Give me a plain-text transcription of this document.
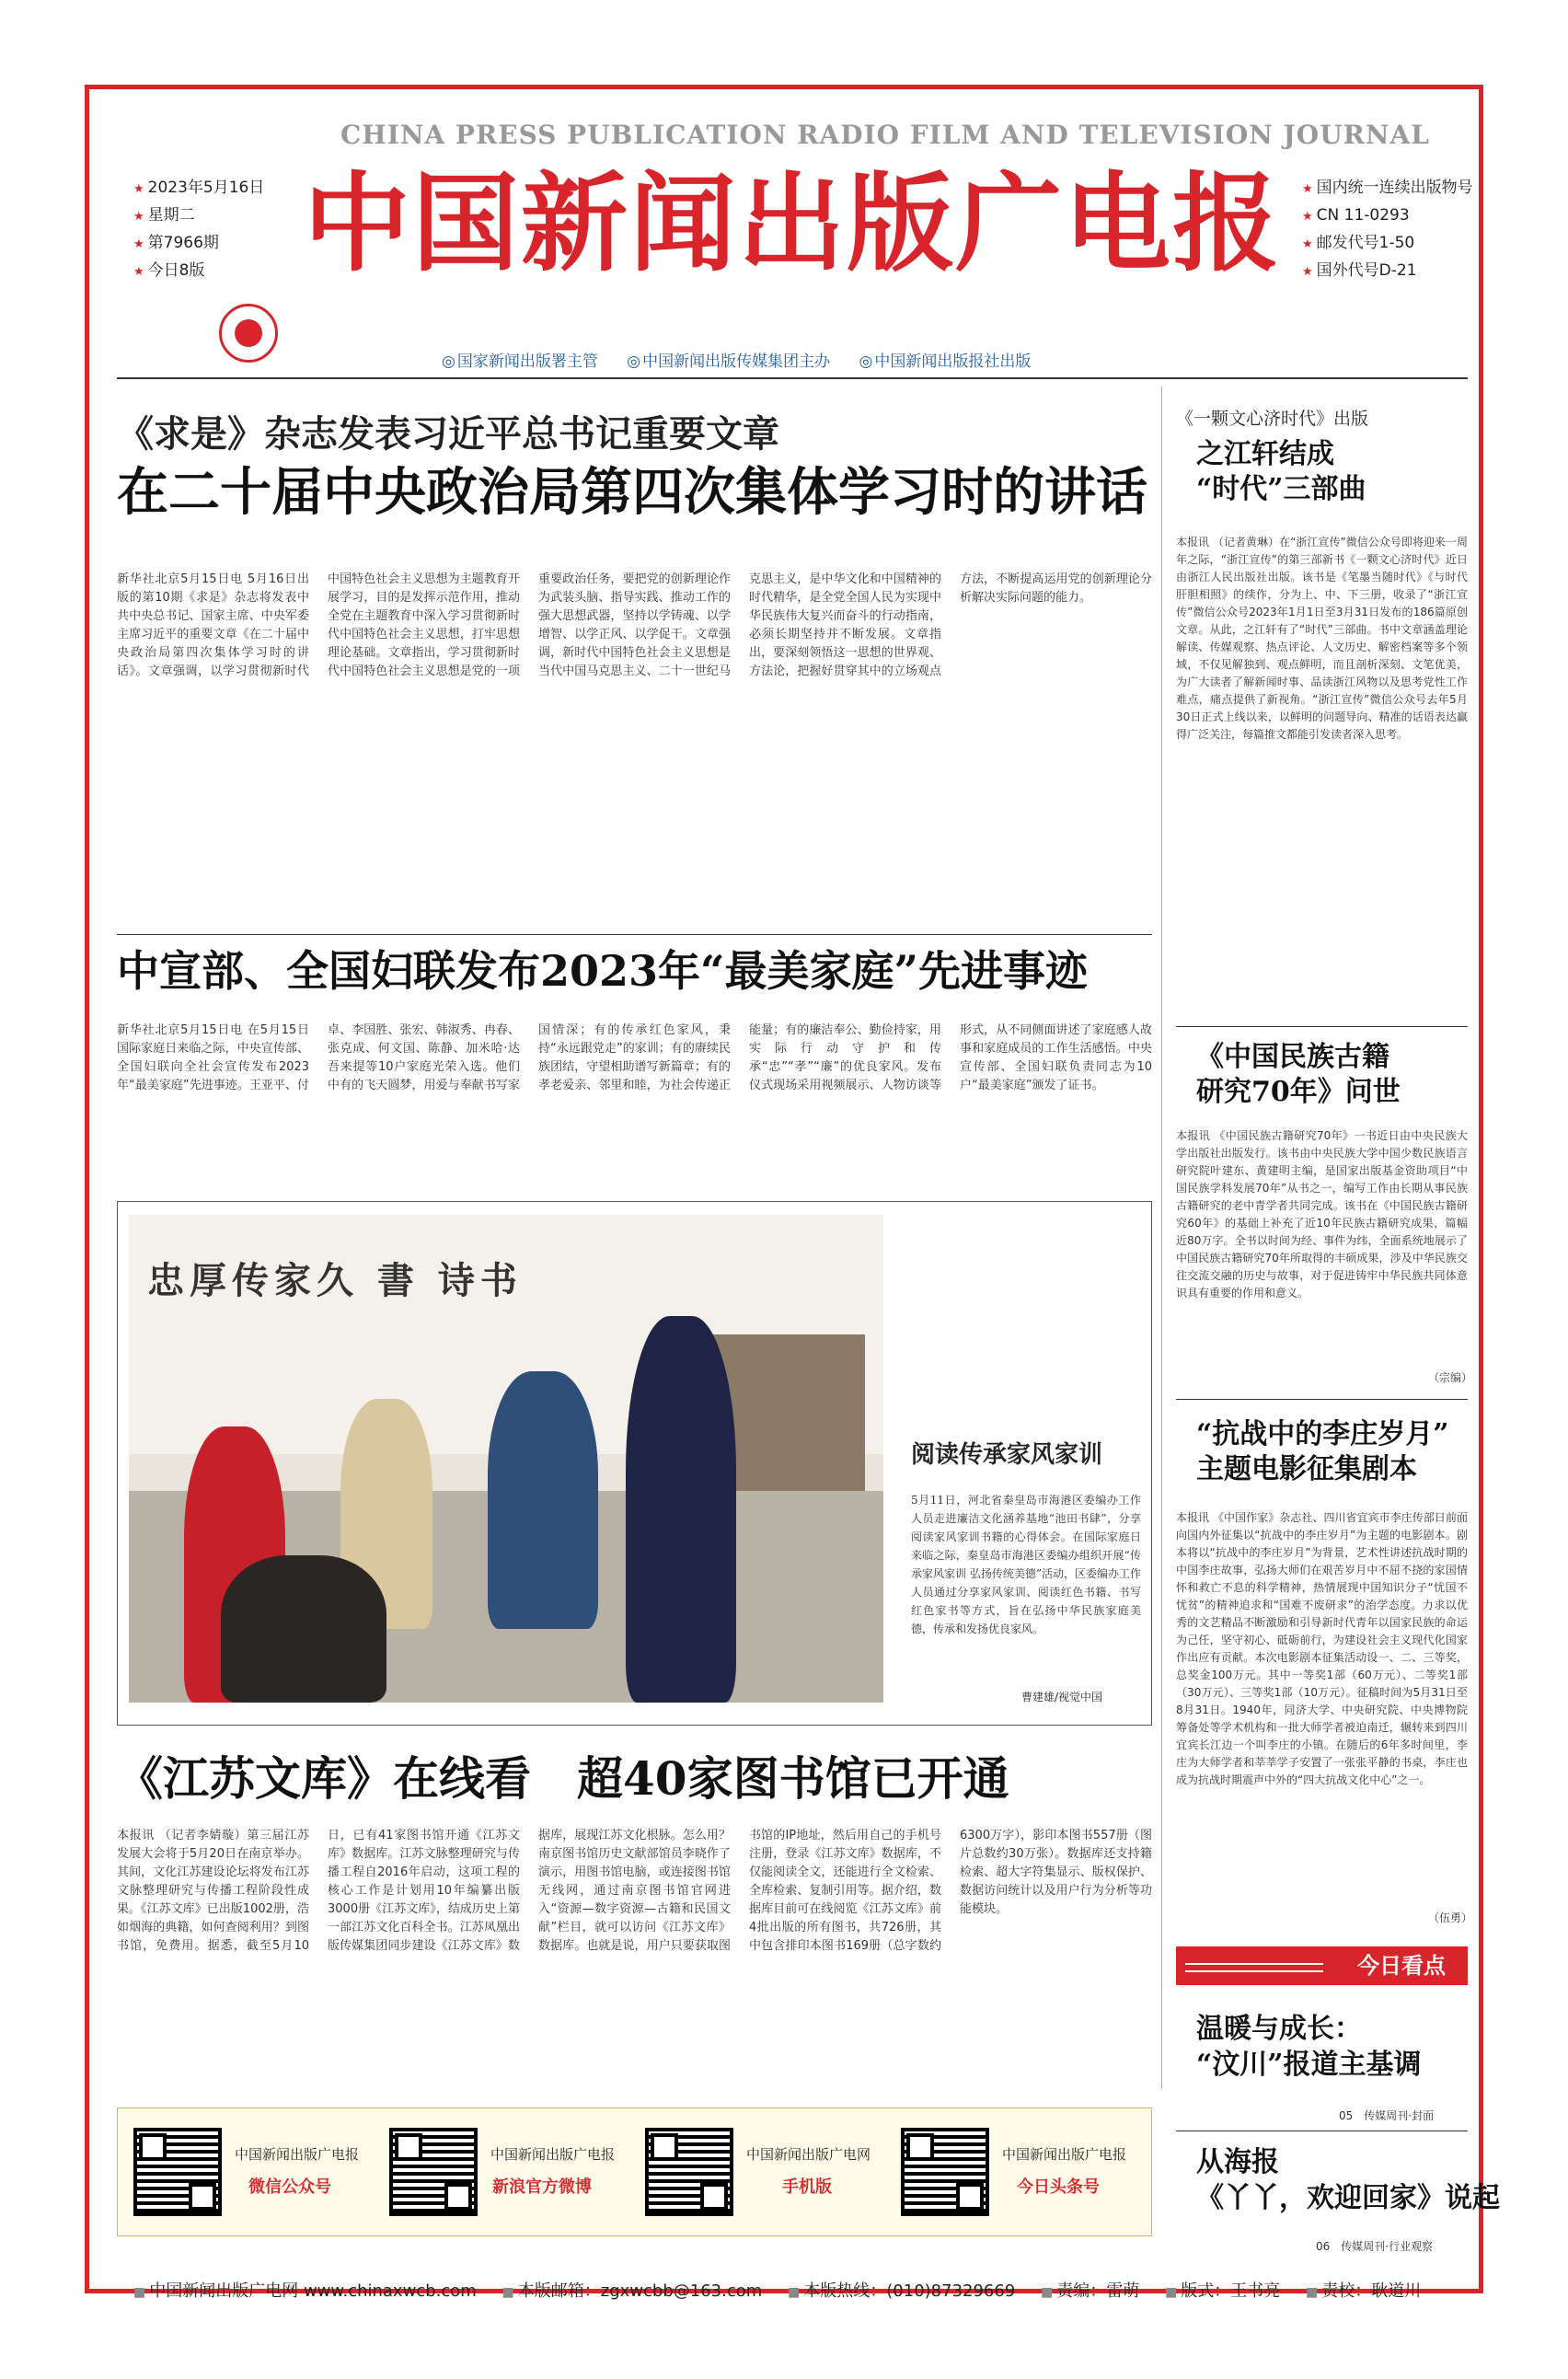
CHINA PRESS PUBLICATION RADIO FILM AND TELEVISION JOURNAL
中国新闻出版广电报
★ 2023年5月16日
★ 星期二
★ 第7966期
★ 今日8版
★ 国内统一连续出版物号
★ CN 11-0293
★ 邮发代号1-50
★ 国外代号D-21
◎ 国家新闻出版署主管	◎ 中国新闻出版传媒集团主办	◎ 中国新闻出版报社出版
《求是》杂志发表习近平总书记重要文章
在二十届中央政治局第四次集体学习时的讲话
新华社北京5月15日电 5月16日出版的第10期《求是》杂志将发表中共中央总书记、国家主席、中央军委主席习近平的重要文章《在二十届中央政治局第四次集体学习时的讲话》。文章强调，以学习贯彻新时代中国特色社会主义思想为主题教育开展学习，目的是发挥示范作用，推动全党在主题教育中深入学习贯彻新时代中国特色社会主义思想，打牢思想理论基础。文章指出，学习贯彻新时代中国特色社会主义思想是党的一项重要政治任务，要把党的创新理论作为武装头脑、指导实践、推动工作的强大思想武器，坚持以学铸魂、以学增智、以学正风、以学促干。文章强调，新时代中国特色社会主义思想是当代中国马克思主义、二十一世纪马克思主义，是中华文化和中国精神的时代精华，是全党全国人民为实现中华民族伟大复兴而奋斗的行动指南，必须长期坚持并不断发展。文章指出，要深刻领悟这一思想的世界观、方法论，把握好贯穿其中的立场观点方法，不断提高运用党的创新理论分析解决实际问题的能力。
中宣部、全国妇联发布2023年“最美家庭”先进事迹
新华社北京5月15日电 在5月15日国际家庭日来临之际，中央宣传部、全国妇联向全社会宣传发布2023年“最美家庭”先进事迹。王亚平、付卓、李国胜、张宏、韩淑秀、冉春、张克成、何文国、陈静、加米哈·达吾来提等10户家庭光荣入选。他们中有的飞天圆梦，用爱与奉献书写家国情深；有的传承红色家风，秉持“永远跟党走”的家训；有的赓续民族团结，守望相助谱写新篇章；有的孝老爱亲、邻里和睦，为社会传递正能量；有的廉洁奉公、勤俭持家，用实际行动守护和传承“忠”“孝”“廉”的优良家风。发布仪式现场采用视频展示、人物访谈等形式，从不同侧面讲述了家庭感人故事和家庭成员的工作生活感悟。中央宣传部、全国妇联负责同志为10户“最美家庭”颁发了证书。
忠厚传家久 書 诗书
阅读传承家风家训
5月11日，河北省秦皇岛市海港区委编办工作人员走进廉洁文化涵养基地“池田书肆”，分享阅读家风家训书籍的心得体会。在国际家庭日来临之际，秦皇岛市海港区委编办组织开展“传承家风家训 弘扬传统美德”活动，区委编办工作人员通过分享家风家训、阅读红色书籍、书写红色家书等方式，旨在弘扬中华民族家庭美德，传承和发扬优良家风。
曹建雄/视觉中国
《江苏文库》在线看　超40家图书馆已开通
本报讯 （记者李婧璇）第三届江苏发展大会将于5月20日在南京举办。其间，文化江苏建设论坛将发布江苏文脉整理研究与传播工程阶段性成果。《江苏文库》已出版1002册，浩如烟海的典籍，如何查阅利用？到图书馆，免费用。据悉，截至5月10日，已有41家图书馆开通《江苏文库》数据库。江苏文脉整理研究与传播工程自2016年启动，这项工程的核心工作是计划用10年编纂出版3000册《江苏文库》，结成历史上第一部江苏文化百科全书。江苏凤凰出版传媒集团同步建设《江苏文库》数据库，展现江苏文化根脉。怎么用？南京图书馆历史文献部馆员李晓作了演示，用图书馆电脑，或连接图书馆无线网，通过南京图书馆官网进入“资源—数字资源—古籍和民国文献”栏目，就可以访问《江苏文库》数据库。也就是说，用户只要获取图书馆的IP地址，然后用自己的手机号注册，登录《江苏文库》数据库，不仅能阅读全文，还能进行全文检索、全库检索、复制引用等。据介绍，数据库目前可在线阅览《江苏文库》前4批出版的所有图书，共726册，其中包含排印本图书169册（总字数约6300万字），影印本图书557册（图片总数约30万张）。数据库还支持籍检索、超大字符集显示、版权保护、数据访问统计以及用户行为分析等功能模块。
《一颗文心济时代》出版
之江轩结成
“时代”三部曲
本报讯 （记者黄琳）在“浙江宣传”微信公众号即将迎来一周年之际，“浙江宣传”的第三部新书《一颗文心济时代》近日由浙江人民出版社出版。该书是《笔墨当随时代》《与时代肝胆相照》的续作，分为上、中、下三册，收录了“浙江宣传”微信公众号2023年1月1日至3月31日发布的186篇原创文章。从此，之江轩有了“时代”三部曲。书中文章涵盖理论解读、传媒观察、热点评论、人文历史、解密档案等多个领域，不仅见解独到、观点鲜明，而且剖析深刻、文笔优美，为广大读者了解新闻时事、品读浙江风物以及思考党性工作难点，痛点提供了新视角。“浙江宣传”微信公众号去年5月30日正式上线以来，以鲜明的问题导向、精准的话语表达赢得广泛关注，每篇推文都能引发读者深入思考。
《中国民族古籍
研究70年》问世
本报讯 《中国民族古籍研究70年》一书近日由中央民族大学出版社出版发行。该书由中央民族大学中国少数民族语言研究院叶建东、黄建明主编，是国家出版基金资助项目“中国民族学科发展70年”从书之一，编写工作由长期从事民族古籍研究的老中青学者共同完成。该书在《中国民族古籍研究60年》的基础上补充了近10年民族古籍研究成果，篇幅近80万字。全书以时间为经、事件为纬，全面系统地展示了中国民族古籍研究70年所取得的丰硕成果，涉及中华民族交往交流交融的历史与故事，对于促进铸牢中华民族共同体意识具有重要的作用和意义。
（宗编）
“抗战中的李庄岁月”
主题电影征集剧本
本报讯 《中国作家》杂志社、四川省宜宾市李庄传部日前面向国内外征集以“抗战中的李庄岁月”为主题的电影剧本。剧本将以“抗战中的李庄岁月”为背景，艺术性讲述抗战时期的中国李庄故事，弘扬大师们在艰苦岁月中不屈不挠的家国情怀和救亡不息的科学精神，热情展现中国知识分子“忧国不忧贫”的精神追求和“国难不废研求”的治学态度。力求以优秀的文艺精品不断激励和引导新时代青年以国家民族的命运为己任，坚守初心、砥砺前行，为建设社会主义现代化国家作出应有贡献。本次电影剧本征集活动设一、二、三等奖，总奖金100万元。其中一等奖1部（60万元）、二等奖1部（30万元）、三等奖1部（10万元）。征稿时间为5月31日至8月31日。1940年，同济大学、中央研究院、中央博物院筹备处等学术机构和一批大师学者被迫南迁，辗转来到四川宜宾长江边一个叫李庄的小镇。在随后的6年多时间里，李庄为大师学者和莘莘学子安置了一张张平静的书桌，李庄也成为抗战时期震声中外的“四大抗战文化中心”之一。
（伍勇）
今日看点
温暖与成长：
“汶川”报道主基调
05　传媒周刊·封面
从海报
《丫丫，欢迎回家》说起
06　传媒周刊·行业观察
中国新闻出版广电报
微信公众号
中国新闻出版广电报
新浪官方微博
中国新闻出版广电网
手机版
中国新闻出版广电报
今日头条号
■ 中国新闻出版广电网 www.chinaxwcb.com ■ 本版邮箱：zgxwcbb@163.com ■ 本版热线：(010)87329669 ■ 责编：雷萌 ■ 版式：王书亮 ■ 责校：耿道川
